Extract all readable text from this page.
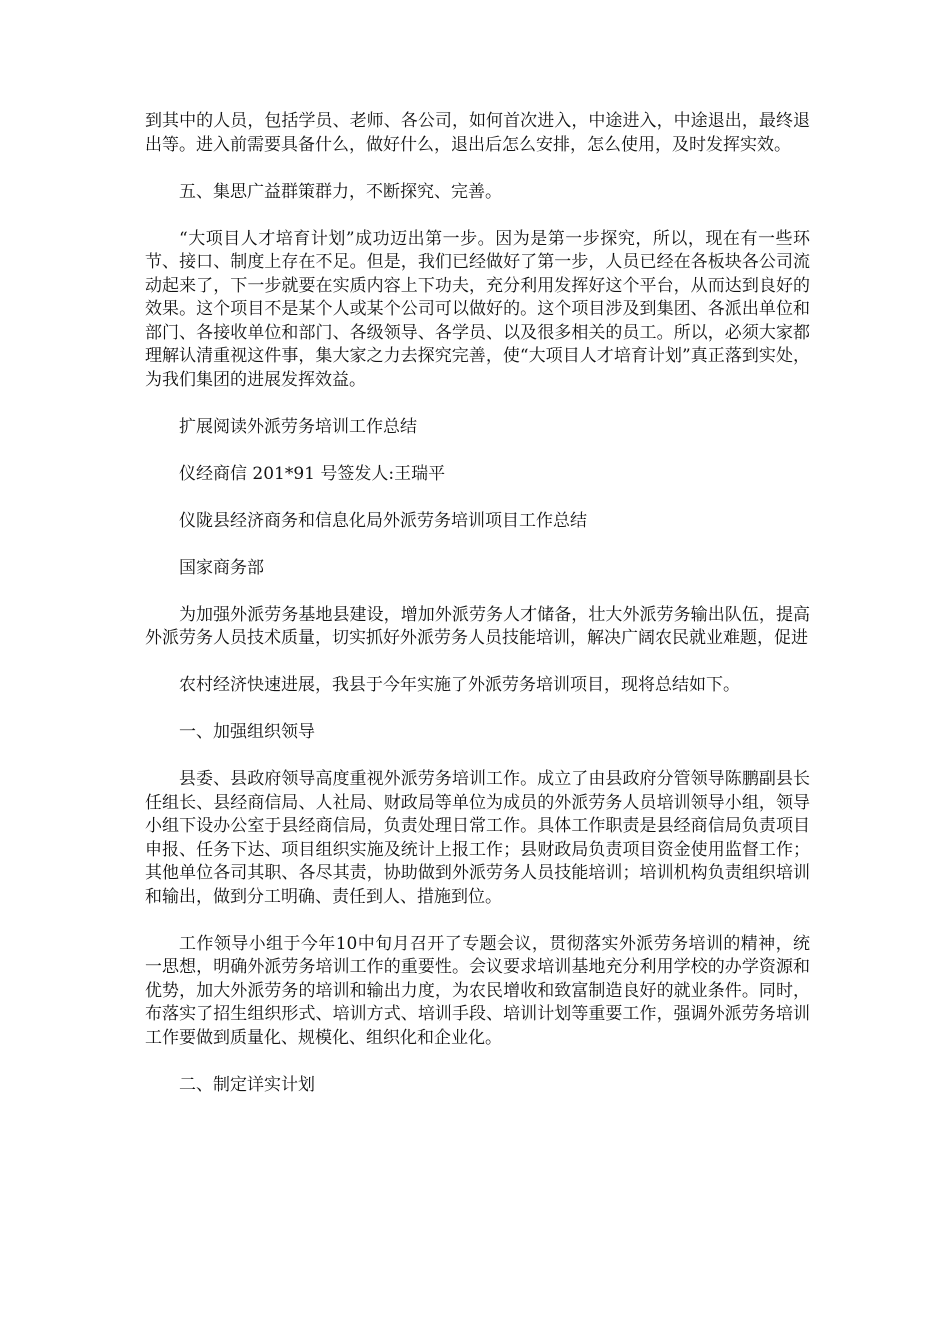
到其中的人员，包括学员、老师、各公司，如何首次进入，中途进入，中途退出，最终退出等。进入前需要具备什么，做好什么，退出后怎么安排，怎么使用，及时发挥实效。

五、集思广益群策群力，不断探究、完善。

“大项目人才培育计划”成功迈出第一步。因为是第一步探究，所以，现在有一些环节、接口、制度上存在不足。但是，我们已经做好了第一步，人员已经在各板块各公司流动起来了，下一步就要在实质内容上下功夫，充分利用发挥好这个平台，从而达到良好的效果。这个项目不是某个人或某个公司可以做好的。这个项目涉及到集团、各派出单位和部门、各接收单位和部门、各级领导、各学员、以及很多相关的员工。所以，必须大家都理解认清重视这件事，集大家之力去探究完善，使“大项目人才培育计划”真正落到实处，为我们集团的进展发挥效益。

扩展阅读外派劳务培训工作总结

仪经商信 201*91 号签发人:王瑞平

仪陇县经济商务和信息化局外派劳务培训项目工作总结

国家商务部

为加强外派劳务基地县建设，增加外派劳务人才储备，壮大外派劳务输出队伍，提高外派劳务人员技术质量，切实抓好外派劳务人员技能培训，解决广阔农民就业难题，促进

农村经济快速进展，我县于今年实施了外派劳务培训项目，现将总结如下。

一、加强组织领导

县委、县政府领导高度重视外派劳务培训工作。成立了由县政府分管领导陈鹏副县长任组长、县经商信局、人社局、财政局等单位为成员的外派劳务人员培训领导小组，领导小组下设办公室于县经商信局，负责处理日常工作。具体工作职责是县经商信局负责项目申报、任务下达、项目组织实施及统计上报工作；县财政局负责项目资金使用监督工作；其他单位各司其职、各尽其责，协助做到外派劳务人员技能培训；培训机构负责组织培训和输出，做到分工明确、责任到人、措施到位。

工作领导小组于今年10中旬月召开了专题会议，贯彻落实外派劳务培训的精神，统一思想，明确外派劳务培训工作的重要性。会议要求培训基地充分利用学校的办学资源和优势，加大外派劳务的培训和输出力度，为农民增收和致富制造良好的就业条件。同时，布落实了招生组织形式、培训方式、培训手段、培训计划等重要工作，强调外派劳务培训工作要做到质量化、规模化、组织化和企业化。

二、制定详实计划
